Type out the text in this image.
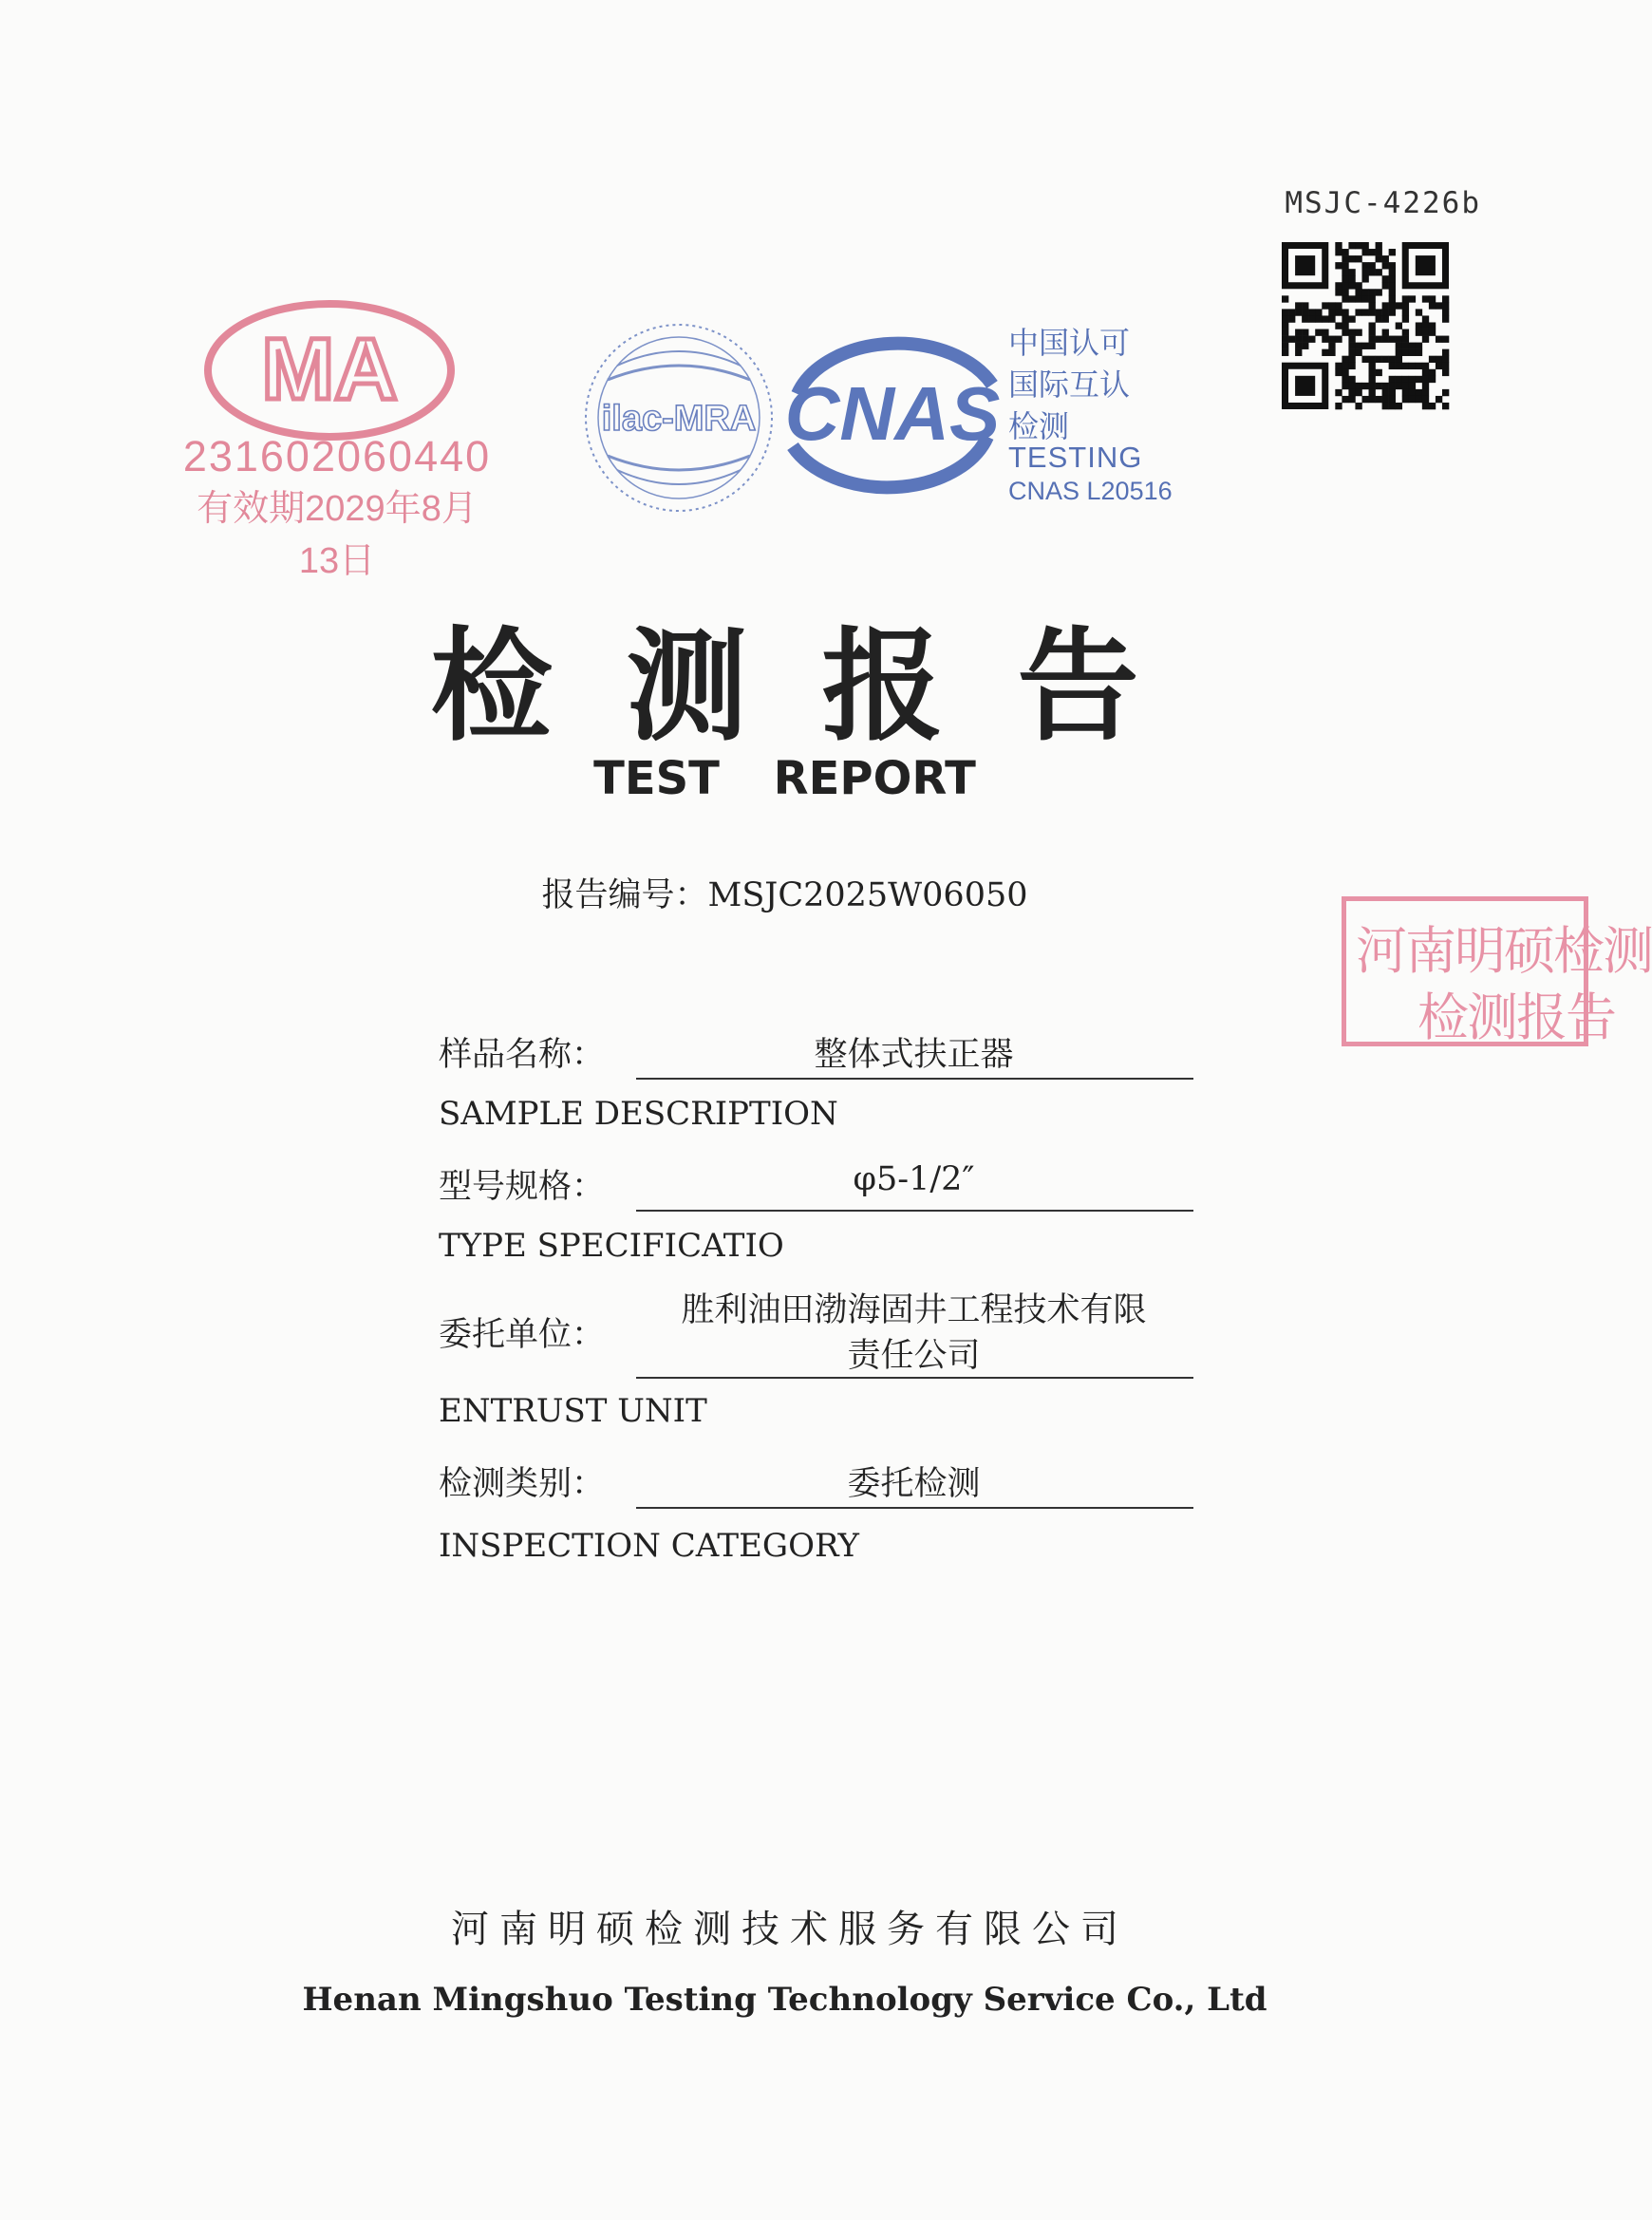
MSJC-4226b
MA
231602060440
有效期2029年8月13日
ilac-MRA CNAS
中国认可
国际互认
检测
TESTING
CNAS L20516
检测报告
TEST REPORT
报告编号：MSJC2025W06050
河南明硕检测
检测报告
样品名称：	整体式扶正器
SAMPLE DESCRIPTION
型号规格：	φ5-1/2″
TYPE SPECIFICATIO
委托单位：
胜利油田渤海固井工程技术有限
责任公司
ENTRUST UNIT
检测类别：	委托检测
INSPECTION CATEGORY
河南明硕检测技术服务有限公司
Henan Mingshuo Testing Technology Service Co., Ltd
